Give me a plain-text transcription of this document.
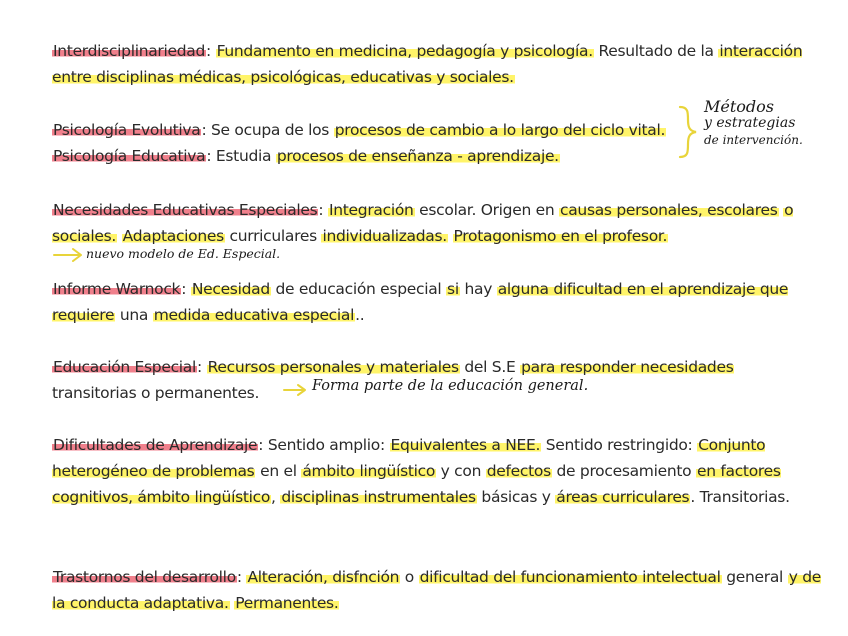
Interdisciplinariedad: Fundamento en medicina, pedagogía y psicología. Resultado de la interacción entre disciplinas médicas, psicológicas, educativas y sociales.
Psicología Evolutiva: Se ocupa de los procesos de cambio a lo largo del ciclo vital.
Psicología Educativa: Estudia procesos de enseñanza - aprendizaje.
Métodos
y estrategias
de intervención.
Necesidades Educativas Especiales: Integración escolar. Origen en causas personales, escolares o sociales. Adaptaciones curriculares individualizadas. Protagonismo en el profesor.
nuevo modelo de Ed. Especial.
Informe Warnock: Necesidad de educación especial si hay alguna dificultad en el aprendizaje que requiere una medida educativa especial..
Educación Especial: Recursos personales y materiales del S.E para responder necesidades transitorias o permanentes.	Forma parte de la educación general.
Dificultades de Aprendizaje: Sentido amplio: Equivalentes a NEE. Sentido restringido: Conjunto heterogéneo de problemas en el ámbito lingüístico y con defectos de procesamiento en factores cognitivos, ámbito lingüístico, disciplinas instrumentales básicas y áreas curriculares. Transitorias.
Trastornos del desarrollo: Alteración, disfnción o dificultad del funcionamiento intelectual general y de la conducta adaptativa. Permanentes.
